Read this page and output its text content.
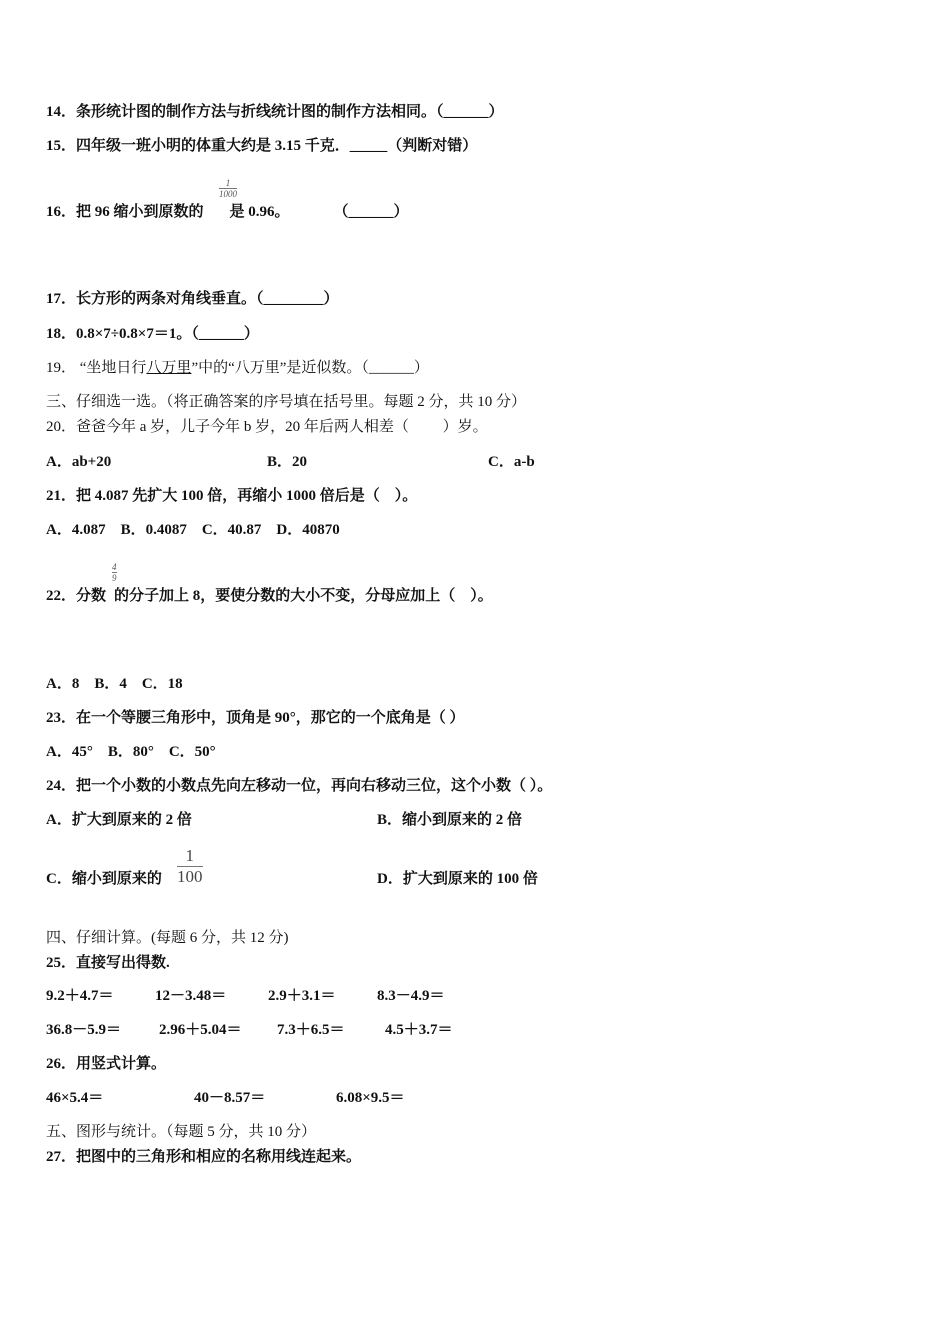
14．条形统计图的制作方法与折线统计图的制作方法相同。（______）
15．四年级一班小明的体重大约是 3.15 千克．_____（判断对错）
16．把 96 缩小到原数的 是 0.96。	（______）
1
1000
17．长方形的两条对角线垂直。（________）
18．0.8×7÷0.8×7＝1。（______）
19． “坐地日行八万里”中的“八万里”是近似数。（______）
三、仔细选一选。（将正确答案的序号填在括号里。每题 2 分，共 10 分）
20．爸爸今年 a 岁，儿子今年 b 岁，20 年后两人相差（　　 ）岁。
A．ab+20	B．20	C．a-b
21．把 4.087 先扩大 100 倍，再缩小 1000 倍后是（　）。
A．4.087　B．0.4087　C．40.87　D．40870
22．分数 的分子加上 8，要使分数的大小不变，分母应加上（　）。
4
9
A．8　B．4　C．18
23．在一个等腰三角形中，顶角是 90°，那它的一个底角是（ ）
A．45°　B．80°　C．50°
24．把一个小数的小数点先向左移动一位，再向右移动三位，这个小数（ ）。
A．扩大到原来的 2 倍	B．缩小到原来的 2 倍
C．缩小到原来的
1
100	D．扩大到原来的 100 倍
四、仔细计算。(每题 6 分，共 12 分)
25．直接写出得数.
9.2＋4.7＝	12－3.48＝	2.9＋3.1＝	8.3－4.9＝
36.8－5.9＝	2.96＋5.04＝ 7.3＋6.5＝	4.5＋3.7＝
26．用竖式计算。
46×5.4＝	40－8.57＝	6.08×9.5＝
五、图形与统计。（每题 5 分，共 10 分）
27．把图中的三角形和相应的名称用线连起来。
